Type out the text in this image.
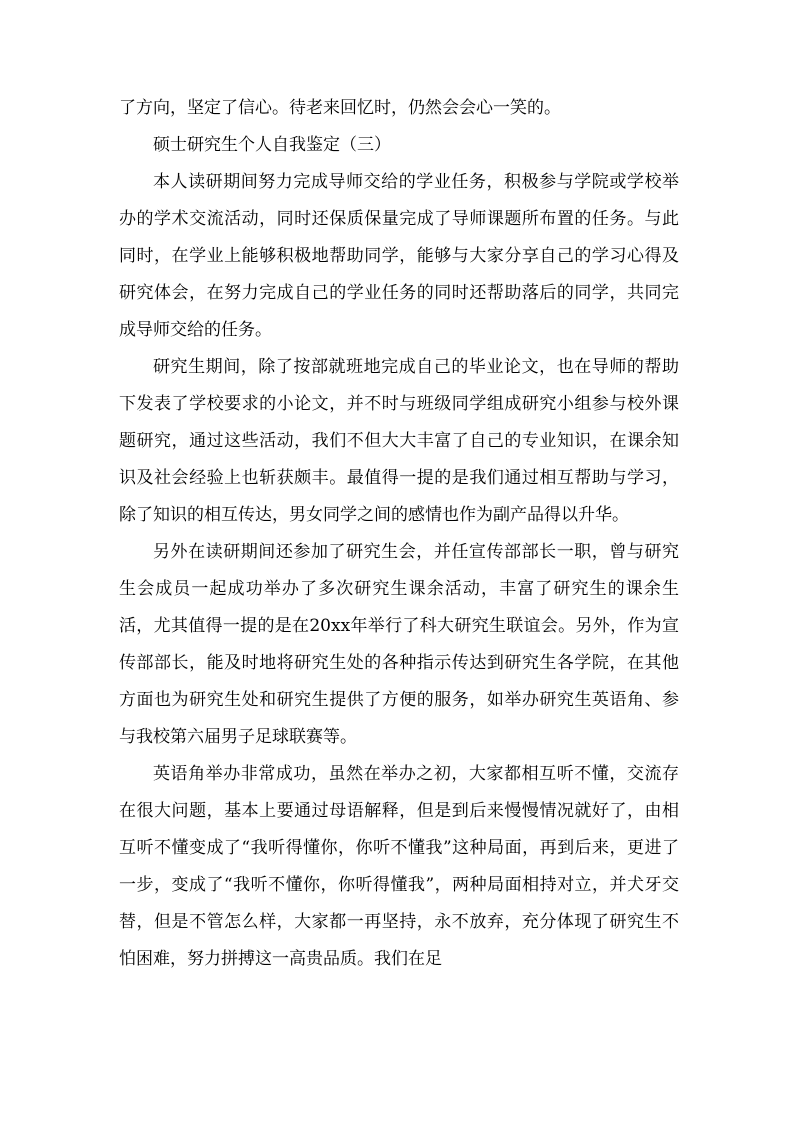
了方向，坚定了信心。待老来回忆时，仍然会会心一笑的。

硕士研究生个人自我鉴定（三）

本人读研期间努力完成导师交给的学业任务，积极参与学院或学校举办的学术交流活动，同时还保质保量完成了导师课题所布置的任务。与此同时，在学业上能够积极地帮助同学，能够与大家分享自己的学习心得及研究体会，在努力完成自己的学业任务的同时还帮助落后的同学，共同完成导师交给的任务。

研究生期间，除了按部就班地完成自己的毕业论文，也在导师的帮助下发表了学校要求的小论文，并不时与班级同学组成研究小组参与校外课题研究，通过这些活动，我们不但大大丰富了自己的专业知识，在课余知识及社会经验上也斩获颇丰。最值得一提的是我们通过相互帮助与学习，除了知识的相互传达，男女同学之间的感情也作为副产品得以升华。

另外在读研期间还参加了研究生会，并任宣传部部长一职，曾与研究生会成员一起成功举办了多次研究生课余活动，丰富了研究生的课余生活，尤其值得一提的是在20xx年举行了科大研究生联谊会。另外，作为宣传部部长，能及时地将研究生处的各种指示传达到研究生各学院，在其他方面也为研究生处和研究生提供了方便的服务，如举办研究生英语角、参与我校第六届男子足球联赛等。

英语角举办非常成功，虽然在举办之初，大家都相互听不懂，交流存在很大问题，基本上要通过母语解释，但是到后来慢慢情况就好了，由相互听不懂变成了“我听得懂你，你听不懂我”这种局面，再到后来，更进了一步，变成了“我听不懂你，你听得懂我”，两种局面相持对立，并犬牙交替，但是不管怎么样，大家都一再坚持，永不放弃，充分体现了研究生不怕困难，努力拼搏这一高贵品质。我们在足
